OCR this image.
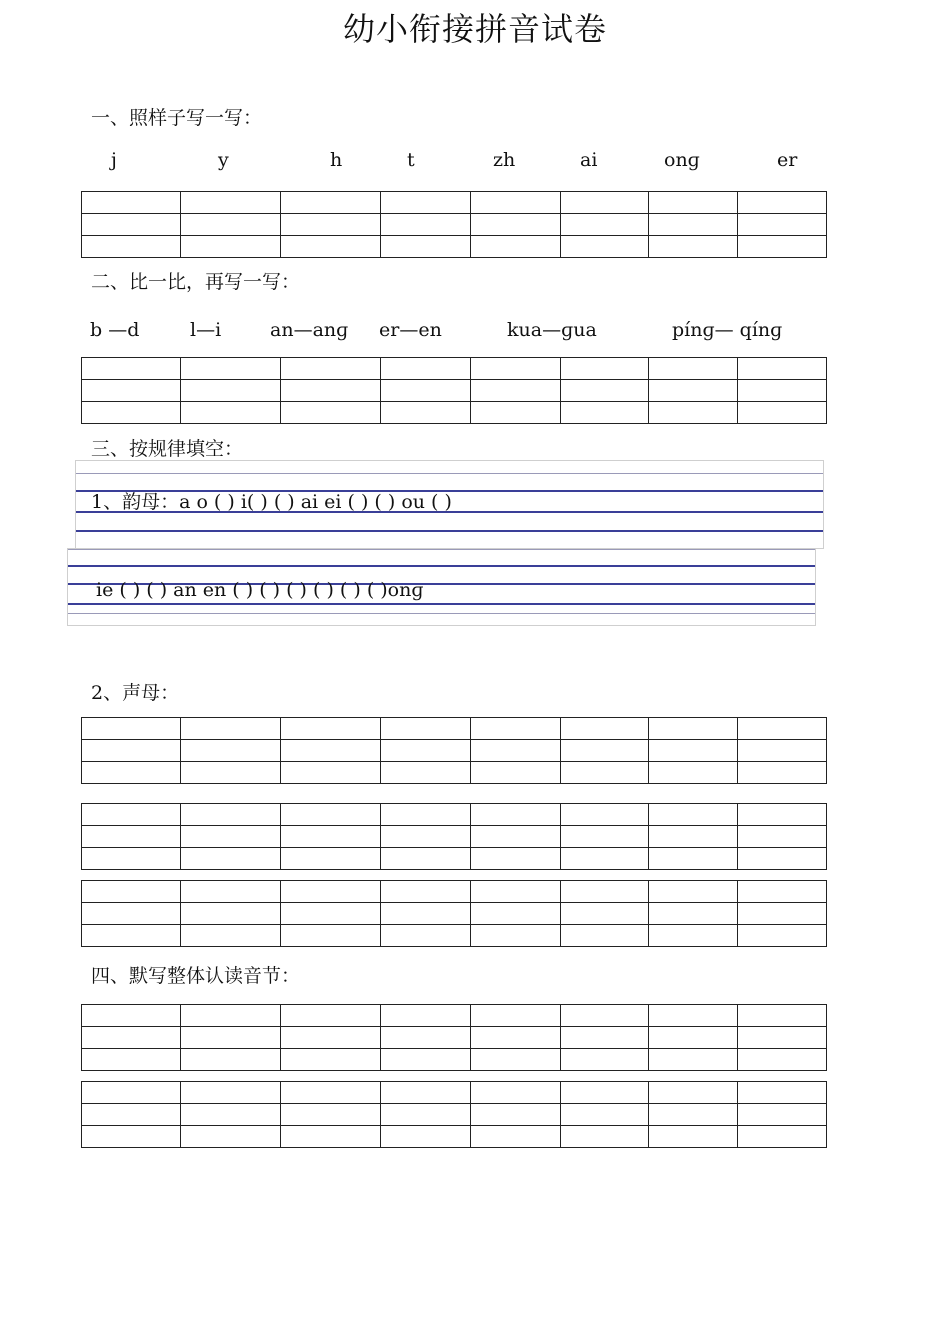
幼小衔接拼音试卷
一、照样子写一写：
j	y	h	t	zh	ai	onɡ	er

二、比一比，再写一写：
b —d	l—i	an—anɡ er—en	kua—ɡua	pínɡ— qínɡ

三、按规律填空：
1、韵母：a o ( ) i( ) ( ) ai ei ( ) ( ) ou ( )
ie ( ) ( ) an en ( ) ( ) ( ) ( ) ( ) ( )onɡ
2、声母：

四、默写整体认读音节：
